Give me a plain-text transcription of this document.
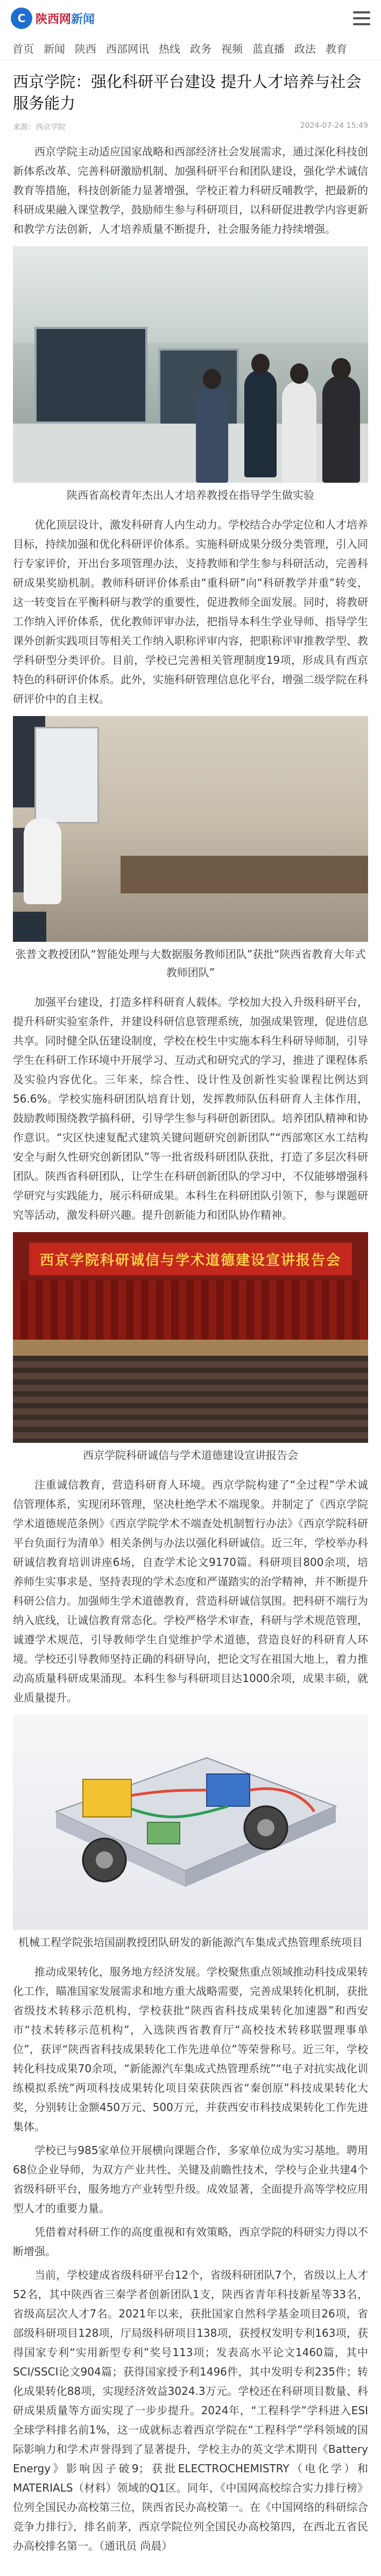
C 陕西网新闻
首页 新闻 陕西 西部网讯 热线 政务 视频 蓝直播 政法 教育
西京学院：强化科研平台建设 提升人才培养与社会服务能力
来源：西京学院	2024-07-24 15:49

西京学院主动适应国家战略和西部经济社会发展需求，通过深化科技创新体系改革、完善科研激励机制、加强科研平台和团队建设，强化学术诚信教育等措施，科技创新能力显著增强，学校正着力科研反哺教学，把最新的科研成果融入课堂教学，鼓励师生参与科研项目，以科研促进教学内容更新和教学方法创新，人才培养质量不断提升，社会服务能力持续增强。

陕西省高校青年杰出人才培养教授在指导学生做实验

优化顶层设计，激发科研育人内生动力。学校结合办学定位和人才培养目标，持续加强和优化科研评价体系。实施科研成果分级分类管理，引入同行专家评价，开出台多项管理办法，支持教师和学生参与科研活动，完善科研成果奖励机制。教师科研评价体系由“重科研”向“科研教学并重”转变，这一转变旨在平衡科研与教学的重要性，促进教师全面发展。同时，将教研工作纳入评价体系，优化教师评审办法，把指导本科生学业导师、指导学生课外创新实践项目等相关工作纳入职称评审内容，把职称评审推教学型、教学科研型分类评价。目前，学校已完善相关管理制度19项，形成具有西京特色的科研评价体系。此外，实施科研管理信息化平台，增强二级学院在科研评价中的自主权。

张普文教授团队“智能处理与大数据服务教师团队”获批“陕西省教育大年式教师团队”

加强平台建设，打造多样科研育人载体。学校加大投入升级科研平台，提升科研实验室条件，并建设科研信息管理系统，加强成果管理，促进信息共享。同时健全队伍建设制度，学校在校生中实施本科生科研导师制，引导学生在科研工作环境中开展学习、互动式和研究式的学习，推进了课程体系及实验内容优化。三年来，综合性、设计性及创新性实验课程比例达到56.6%。学校实施科研团队培育计划，发挥教师队伍科研育人主体作用，鼓励教师围绕教学搞科研，引导学生参与科研创新团队。培养团队精神和协作意识。“灾区快速复配式建筑关键问题研究创新团队”“西部寒区水工结构安全与耐久性研究创新团队”等一批省级科研团队获批，打造了多层次科研团队。陕西省科研团队，让学生在科研创新团队的学习中，不仅能够增强科学研究与实践能力，展示科研成果。本科生在科研团队引领下，参与课题研究等活动，激发科研兴趣。提升创新能力和团队协作精神。

西京学院科研诚信与学术道德建设宣讲报告会

西京学院科研诚信与学术道德建设宣讲报告会

注重诚信教育，营造科研育人环境。西京学院构建了“全过程”学术诚信管理体系，实现闭环管理，坚决杜绝学术不端现象。并制定了《西京学院学术道德规范条例》《西京学院学术不端查处机制暂行办法》《西京学院科研平台负面行为清单》相关条例与办法以强化科研诚信。近三年，学校举办科研诚信教育培训讲座6场，自查学术论文9170篇。科研项目800余项，培养师生实事求是、坚持表现的学术态度和严谨踏实的治学精神，并不断提升科研公信力。加强师生学术道德教育，营造科研诚信氛围。把科研不端行为纳入底线，让诚信教育常态化。学校严格学术审查，科研与学术规范管理，诚遵学术规范，引导教师学生自觉维护学术道德，营造良好的科研育人环境。学校还引导教师坚持正确的科研导向，把论文写在祖国大地上，着力推动高质量科研成果涌现。本科生参与科研项目达1000余项，成果丰硕，就业质量提升。

机械工程学院张培国副教授团队研发的新能源汽车集成式热管理系统项目

推动成果转化，服务地方经济发展。学校聚焦重点领域推动科技成果转化工作，瞄准国家发展需求和地方重大战略需要，完善成果转化机制，获批省级技术转移示范机构，学校获批“陕西省科技成果转化加速器”和西安市“技术转移示范机构”，入选陕西省教育厅“高校技术转移联盟理事单位”，获评“陕西省科技成果转化工作先进单位”等荣誉称号。近三年，学校转化科技成果70余项，“新能源汽车集成式热管理系统”“电子对抗实战化训练模拟系统”两项科技成果转化项目荣获陕西省“秦创原”科技成果转化大奖，分别转让金额450万元、500万元，并获西安市科技成果转化工作先进集体。

学校已与985家单位开展横向课题合作，多家单位成为实习基地。聘用68位企业导师，为双方产业共性、关键及前瞻性技术，学校与企业共建4个省级科研平台，服务地方产业转型升级。成效显著，全面提升高等学校应用型人才的重要力量。

凭借着对科研工作的高度重视和有效策略，西京学院的科研实力得以不断增强。

当前，学校建成省级科研平台12个，省级科研团队7个，省级以上人才52名，其中陕西省三秦学者创新团队1支，陕西省青年科技新星等33名，省级高层次人才7名。2021年以来，获批国家自然科学基金项目26项，省部级科研项目128项，厅局级科研项目138项，获授权发明专利163项，获得国家专利“实用新型专利”奖号113项；发表高水平论文1460篇，其中SCI/SSCI论文904篇；获得国家授予利1496件，其中发明专利235件；转化成果转化88项，实现经济效益3024.3万元。学校还在科研项目数量、科研成果质量等方面实现了一步步提升。2024年，“工程科学”学科进入ESI全球学科排名前1%，这一成就标志着西京学院在“工程科学”学科领域的国际影响力和学术声誉得到了显著提升，学校主办的英文学术期刊《Battery Energy》影响因子破9；获批ELECTROCHEMISTRY（电化学）和MATERIALS（材料）领域的Q1区。同年，《中国网高校综合实力排行榜》位列全国民办高校第三位，陕西省民办高校第一。在《中国网络的科研综合竞争力排行》，排名前茅，西京学院位列全国民办高校第四，在西北五省民办高校排名第一。（通讯员 尚晨）
